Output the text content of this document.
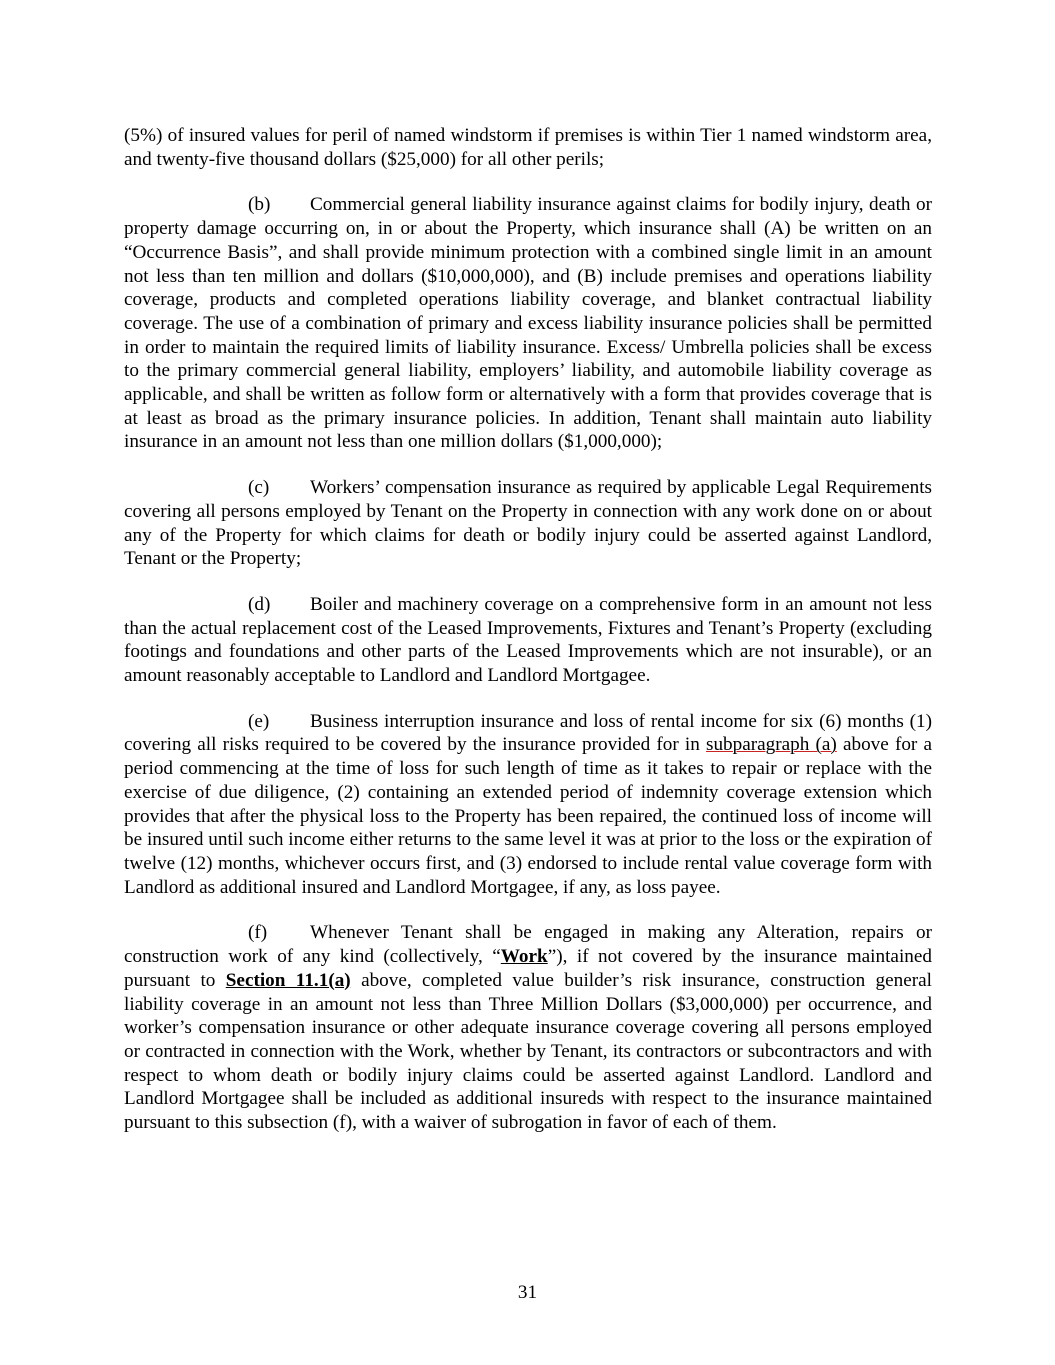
(5%) of insured values for peril of named windstorm if premises is within Tier 1 named windstorm area, and twenty-five thousand dollars ($25,000) for all other perils;

(b) Commercial general liability insurance against claims for bodily injury, death or property damage occurring on, in or about the Property, which insurance shall (A) be written on an “Occurrence Basis”, and shall provide minimum protection with a combined single limit in an amount not less than ten million and dollars ($10,000,000), and (B) include premises and operations liability coverage, products and completed operations liability coverage, and blanket contractual liability coverage. The use of a combination of primary and excess liability insurance policies shall be permitted in order to maintain the required limits of liability insurance. Excess/ Umbrella policies shall be excess to the primary commercial general liability, employers’ liability, and automobile liability coverage as applicable, and shall be written as follow form or alternatively with a form that provides coverage that is at least as broad as the primary insurance policies. In addition, Tenant shall maintain auto liability insurance in an amount not less than one million dollars ($1,000,000);

(c) Workers’ compensation insurance as required by applicable Legal Requirements covering all persons employed by Tenant on the Property in connection with any work done on or about any of the Property for which claims for death or bodily injury could be asserted against Landlord, Tenant or the Property;

(d) Boiler and machinery coverage on a comprehensive form in an amount not less than the actual replacement cost of the Leased Improvements, Fixtures and Tenant’s Property (excluding footings and foundations and other parts of the Leased Improvements which are not insurable), or an amount reasonably acceptable to Landlord and Landlord Mortgagee.

(e) Business interruption insurance and loss of rental income for six (6) months (1) covering all risks required to be covered by the insurance provided for in subparagraph (a) above for a period commencing at the time of loss for such length of time as it takes to repair or replace with the exercise of due diligence, (2) containing an extended period of indemnity coverage extension which provides that after the physical loss to the Property has been repaired, the continued loss of income will be insured until such income either returns to the same level it was at prior to the loss or the expiration of twelve (12) months, whichever occurs first, and (3) endorsed to include rental value coverage form with Landlord as additional insured and Landlord Mortgagee, if any, as loss payee.

(f) Whenever Tenant shall be engaged in making any Alteration, repairs or construction work of any kind (collectively, “Work”), if not covered by the insurance maintained pursuant to Section 11.1(a) above, completed value builder’s risk insurance, construction general liability coverage in an amount not less than Three Million Dollars ($3,000,000) per occurrence, and worker’s compensation insurance or other adequate insurance coverage covering all persons employed or contracted in connection with the Work, whether by Tenant, its contractors or subcontractors and with respect to whom death or bodily injury claims could be asserted against Landlord. Landlord and Landlord Mortgagee shall be included as additional insureds with respect to the insurance maintained pursuant to this subsection (f), with a waiver of subrogation in favor of each of them.

31
